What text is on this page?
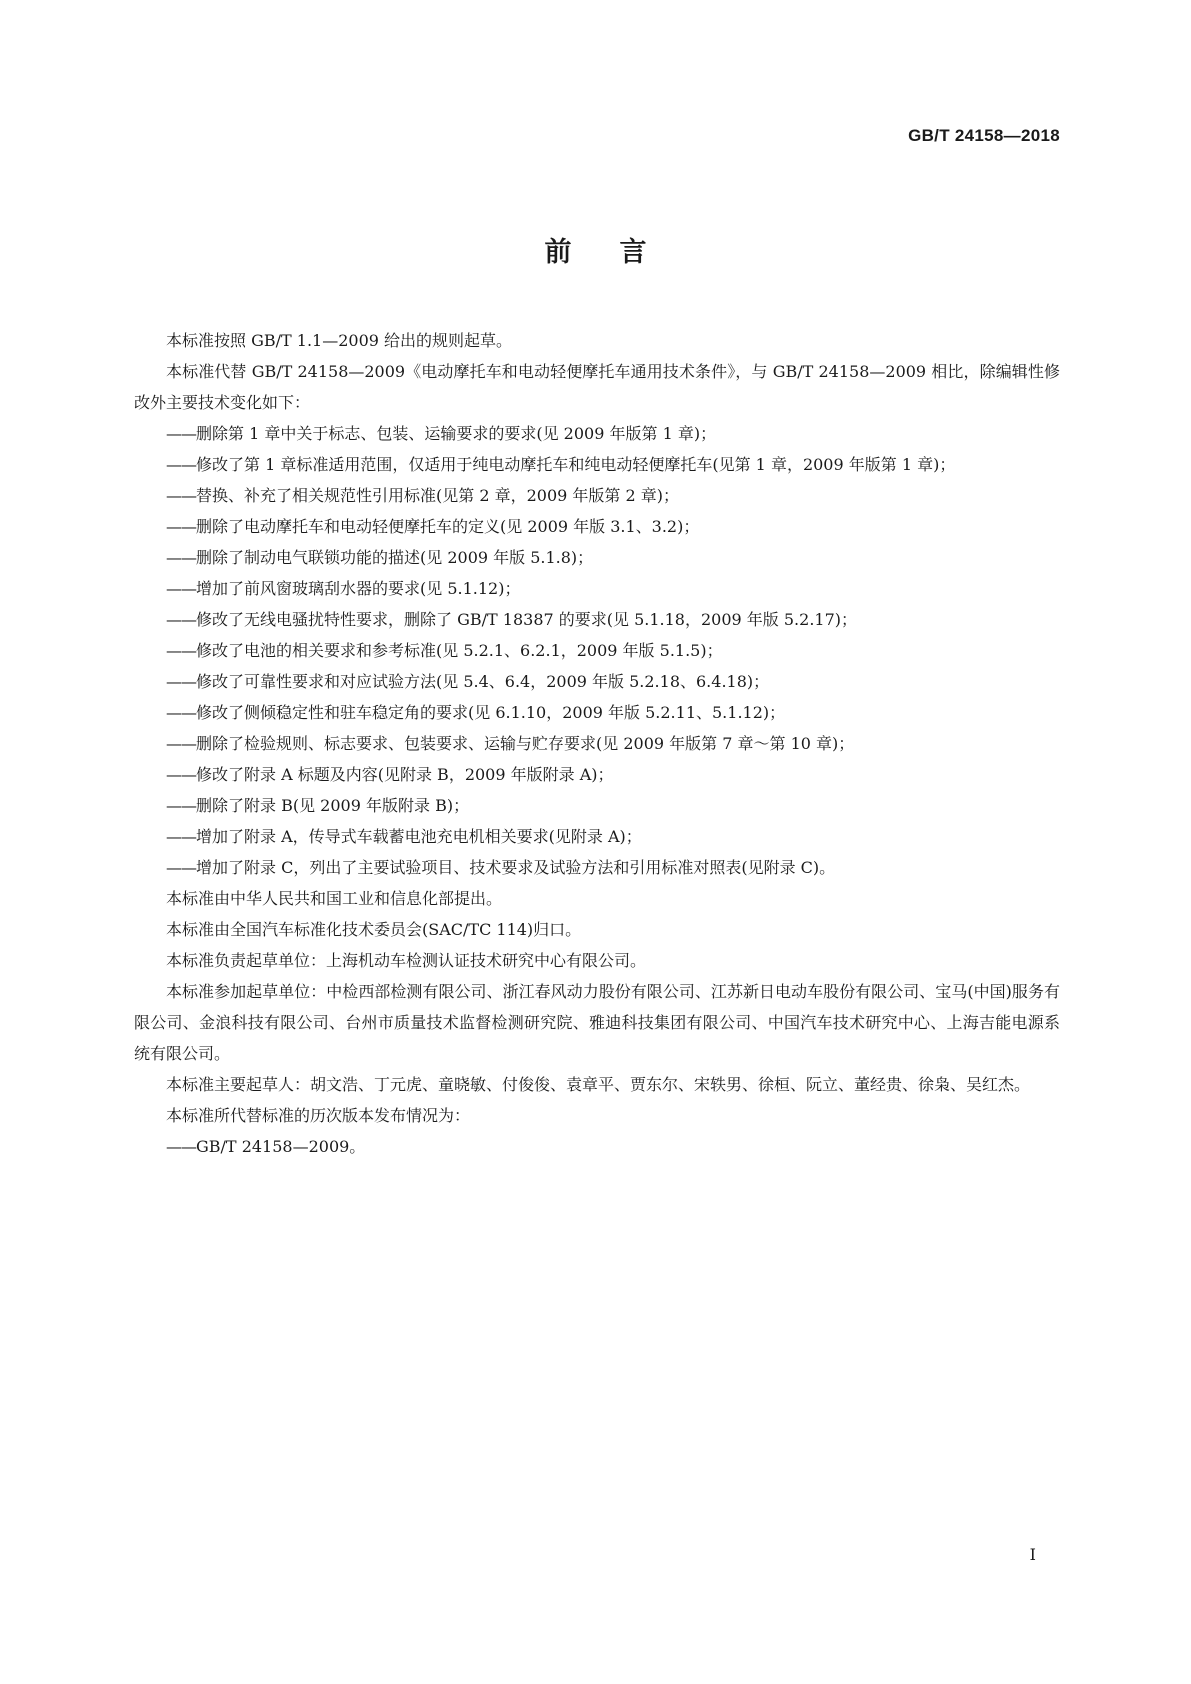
GB/T 24158—2018
前言

本标准按照 GB/T 1.1—2009 给出的规则起草。

本标准代替 GB/T 24158—2009《电动摩托车和电动轻便摩托车通用技术条件》，与 GB/T 24158—2009 相比，除编辑性修改外主要技术变化如下：

——删除第 1 章中关于标志、包装、运输要求的要求(见 2009 年版第 1 章)；

——修改了第 1 章标准适用范围，仅适用于纯电动摩托车和纯电动轻便摩托车(见第 1 章，2009 年版第 1 章)；

——替换、补充了相关规范性引用标准(见第 2 章，2009 年版第 2 章)；

——删除了电动摩托车和电动轻便摩托车的定义(见 2009 年版 3.1、3.2)；

——删除了制动电气联锁功能的描述(见 2009 年版 5.1.8)；

——增加了前风窗玻璃刮水器的要求(见 5.1.12)；

——修改了无线电骚扰特性要求，删除了 GB/T 18387 的要求(见 5.1.18，2009 年版 5.2.17)；

——修改了电池的相关要求和参考标准(见 5.2.1、6.2.1，2009 年版 5.1.5)；

——修改了可靠性要求和对应试验方法(见 5.4、6.4，2009 年版 5.2.18、6.4.18)；

——修改了侧倾稳定性和驻车稳定角的要求(见 6.1.10，2009 年版 5.2.11、5.1.12)；

——删除了检验规则、标志要求、包装要求、运输与贮存要求(见 2009 年版第 7 章～第 10 章)；

——修改了附录 A 标题及内容(见附录 B，2009 年版附录 A)；

——删除了附录 B(见 2009 年版附录 B)；

——增加了附录 A，传导式车载蓄电池充电机相关要求(见附录 A)；

——增加了附录 C，列出了主要试验项目、技术要求及试验方法和引用标准对照表(见附录 C)。

本标准由中华人民共和国工业和信息化部提出。

本标准由全国汽车标准化技术委员会(SAC/TC 114)归口。

本标准负责起草单位：上海机动车检测认证技术研究中心有限公司。

本标准参加起草单位：中检西部检测有限公司、浙江春风动力股份有限公司、江苏新日电动车股份有限公司、宝马(中国)服务有限公司、金浪科技有限公司、台州市质量技术监督检测研究院、雅迪科技集团有限公司、中国汽车技术研究中心、上海吉能电源系统有限公司。

本标准主要起草人：胡文浩、丁元虎、童晓敏、付俊俊、袁章平、贾东尔、宋轶男、徐桓、阮立、董经贵、徐枭、吴红杰。

本标准所代替标准的历次版本发布情况为：

——GB/T 24158—2009。

I
